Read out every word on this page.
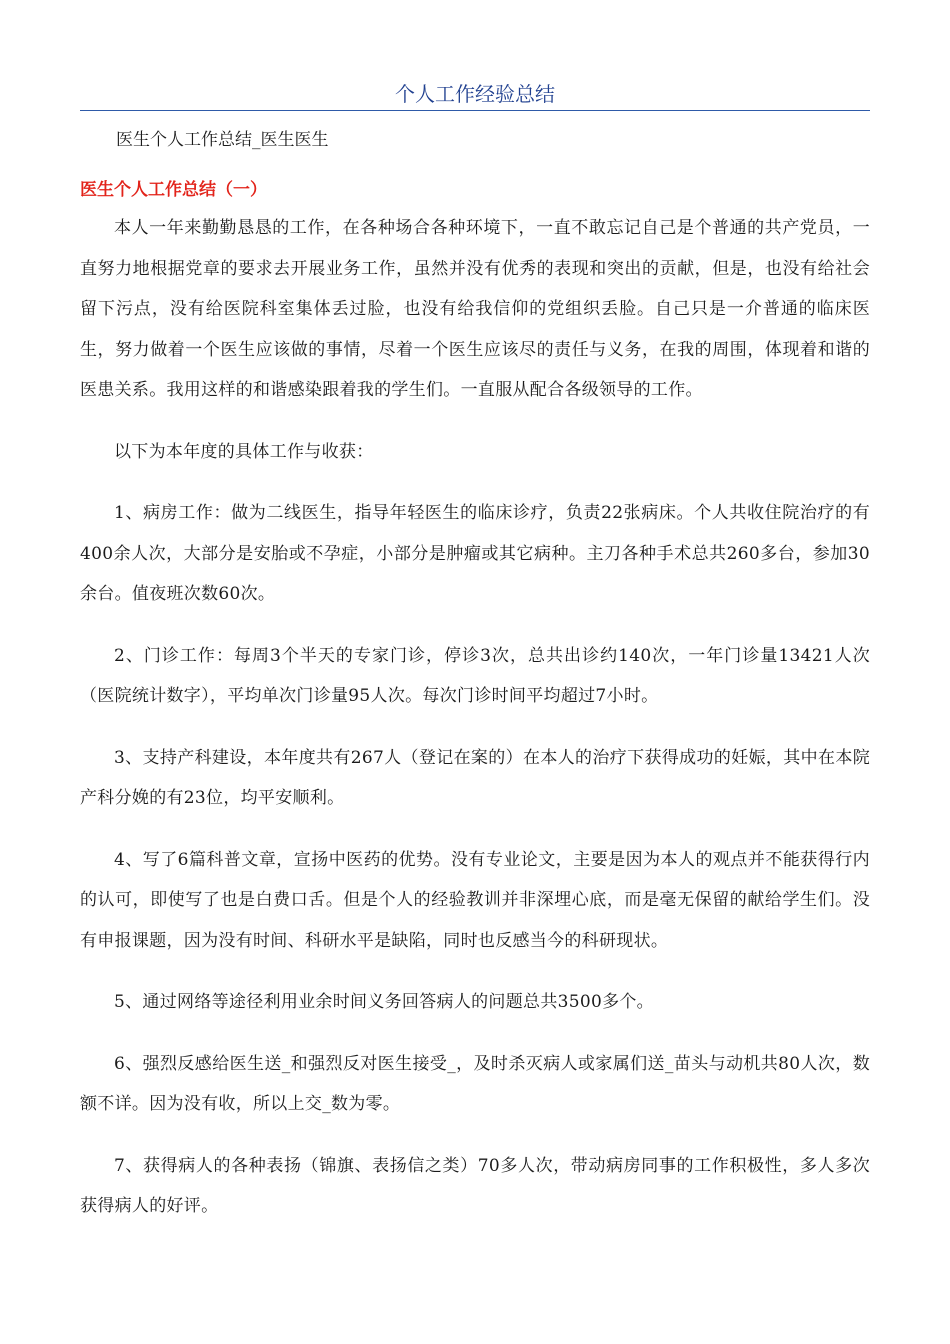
个人工作经验总结
医生个人工作总结_医生医生
医生个人工作总结（一）

本人一年来勤勤恳恳的工作，在各种场合各种环境下，一直不敢忘记自己是个普通的共产党员，一直努力地根据党章的要求去开展业务工作，虽然并没有优秀的表现和突出的贡献，但是，也没有给社会留下污点，没有给医院科室集体丢过脸，也没有给我信仰的党组织丢脸。自己只是一介普通的临床医生，努力做着一个医生应该做的事情，尽着一个医生应该尽的责任与义务，在我的周围，体现着和谐的医患关系。我用这样的和谐感染跟着我的学生们。一直服从配合各级领导的工作。

以下为本年度的具体工作与收获：

1、病房工作：做为二线医生，指导年轻医生的临床诊疗，负责22张病床。个人共收住院治疗的有400余人次，大部分是安胎或不孕症，小部分是肿瘤或其它病种。主刀各种手术总共260多台，参加30余台。值夜班次数60次。

2、门诊工作：每周3个半天的专家门诊，停诊3次，总共出诊约140次，一年门诊量13421人次（医院统计数字），平均单次门诊量95人次。每次门诊时间平均超过7小时。

3、支持产科建设，本年度共有267人（登记在案的）在本人的治疗下获得成功的妊娠，其中在本院产科分娩的有23位，均平安顺利。

4、写了6篇科普文章，宣扬中医药的优势。没有专业论文，主要是因为本人的观点并不能获得行内的认可，即使写了也是白费口舌。但是个人的经验教训并非深埋心底，而是毫无保留的献给学生们。没有申报课题，因为没有时间、科研水平是缺陷，同时也反感当今的科研现状。

5、通过网络等途径利用业余时间义务回答病人的问题总共3500多个。

6、强烈反感给医生送_和强烈反对医生接受_，及时杀灭病人或家属们送_苗头与动机共80人次，数额不详。因为没有收，所以上交_数为零。

7、获得病人的各种表扬（锦旗、表扬信之类）70多人次，带动病房同事的工作积极性，多人多次获得病人的好评。
